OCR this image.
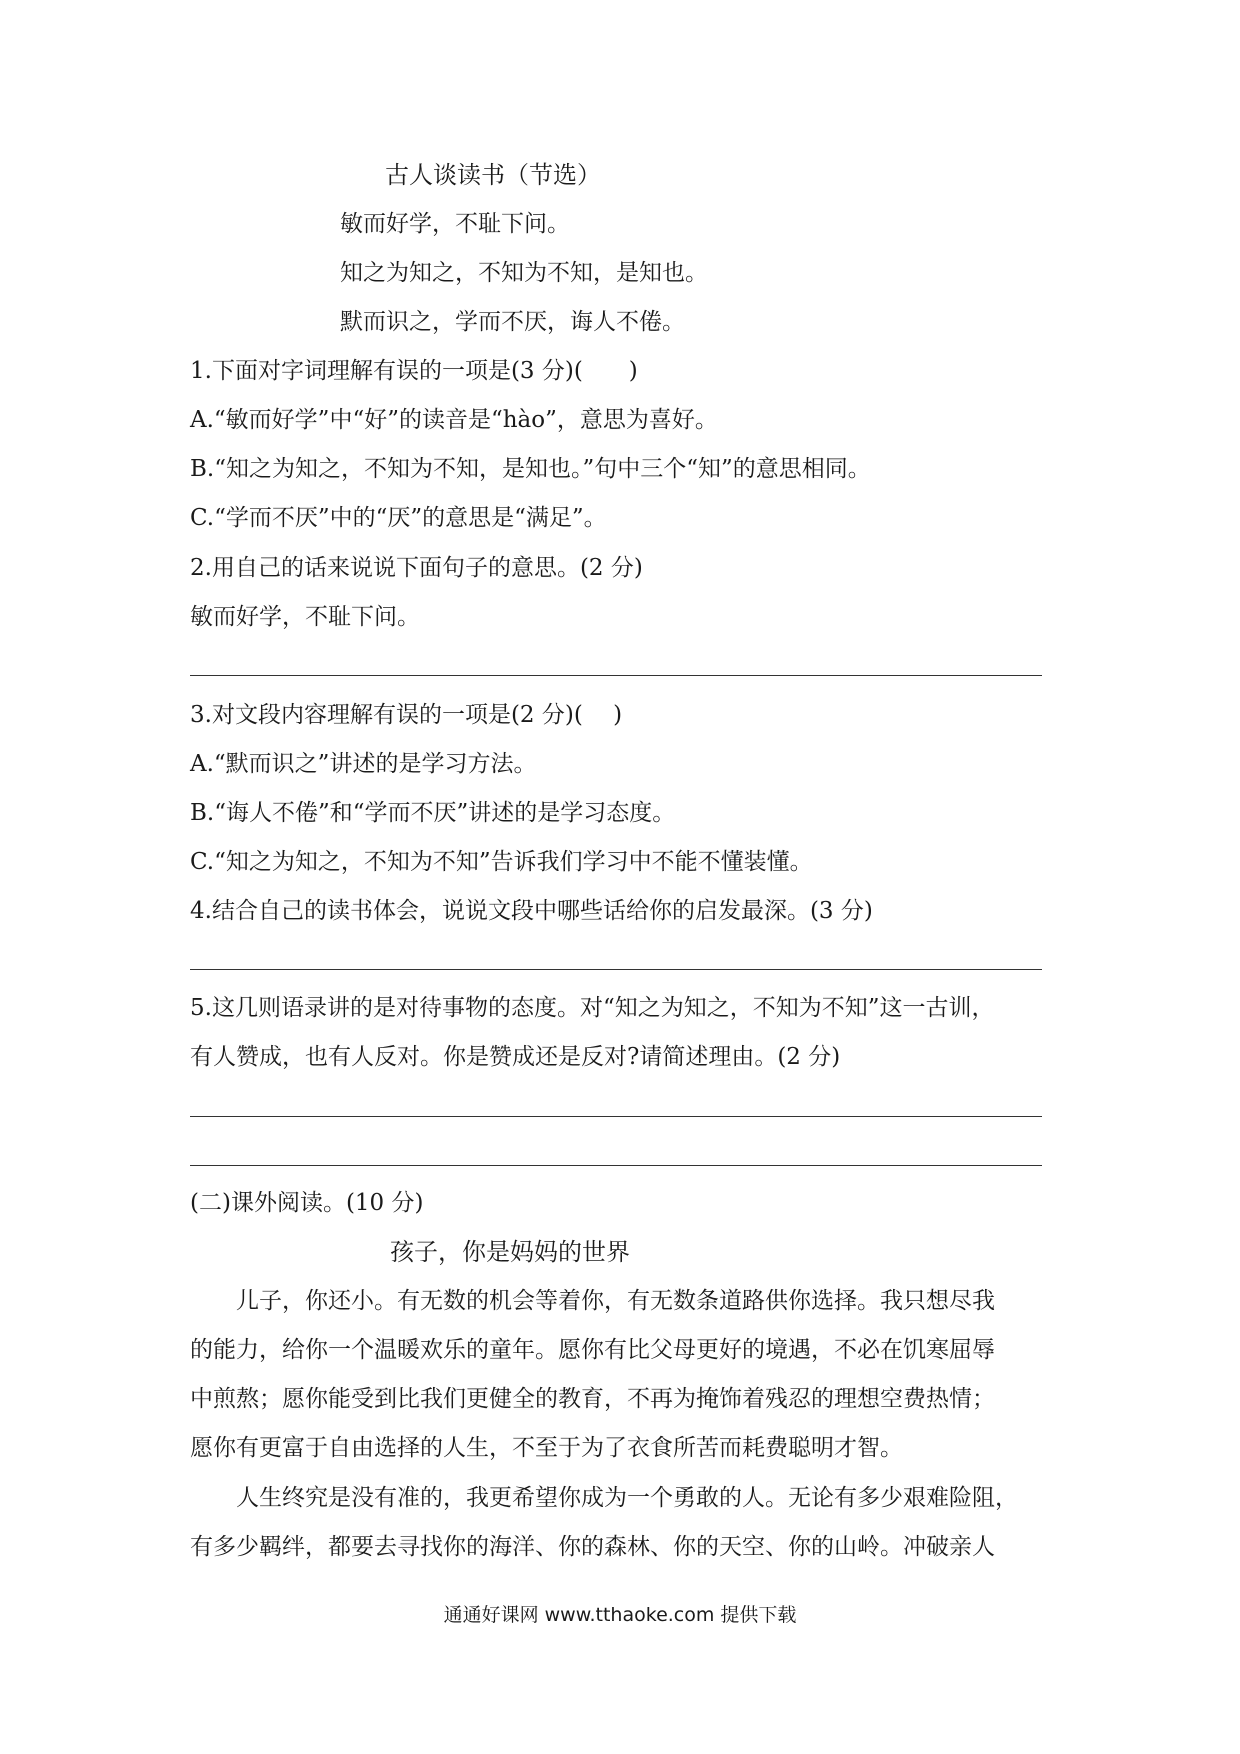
古人谈读书（节选）
敏而好学，不耻下问。
知之为知之，不知为不知，是知也。
默而识之，学而不厌，诲人不倦。
1.下面对字词理解有误的一项是(3 分)(　　)
A.“敏而好学”中“好”的读音是“hào”，意思为喜好。
B.“知之为知之，不知为不知，是知也。”句中三个“知”的意思相同。
C.“学而不厌”中的“厌”的意思是“满足”。
2.用自己的话来说说下面句子的意思。(2 分)
敏而好学，不耻下问。
3.对文段内容理解有误的一项是(2 分)(　 )
A.“默而识之”讲述的是学习方法。
B.“诲人不倦”和“学而不厌”讲述的是学习态度。
C.“知之为知之，不知为不知”告诉我们学习中不能不懂装懂。
4.结合自己的读书体会，说说文段中哪些话给你的启发最深。(3 分)
5.这几则语录讲的是对待事物的态度。对“知之为知之，不知为不知”这一古训，
有人赞成，也有人反对。你是赞成还是反对?请简述理由。(2 分)
(二)课外阅读。(10 分)
孩子，你是妈妈的世界
儿子，你还小。有无数的机会等着你，有无数条道路供你选择。我只想尽我
的能力，给你一个温暖欢乐的童年。愿你有比父母更好的境遇，不必在饥寒屈辱
中煎熬；愿你能受到比我们更健全的教育，不再为掩饰着残忍的理想空费热情；
愿你有更富于自由选择的人生，不至于为了衣食所苦而耗费聪明才智。
人生终究是没有准的，我更希望你成为一个勇敢的人。无论有多少艰难险阻，
有多少羁绊，都要去寻找你的海洋、你的森林、你的天空、你的山岭。冲破亲人
通通好课网 www.tthaoke.com 提供下载
